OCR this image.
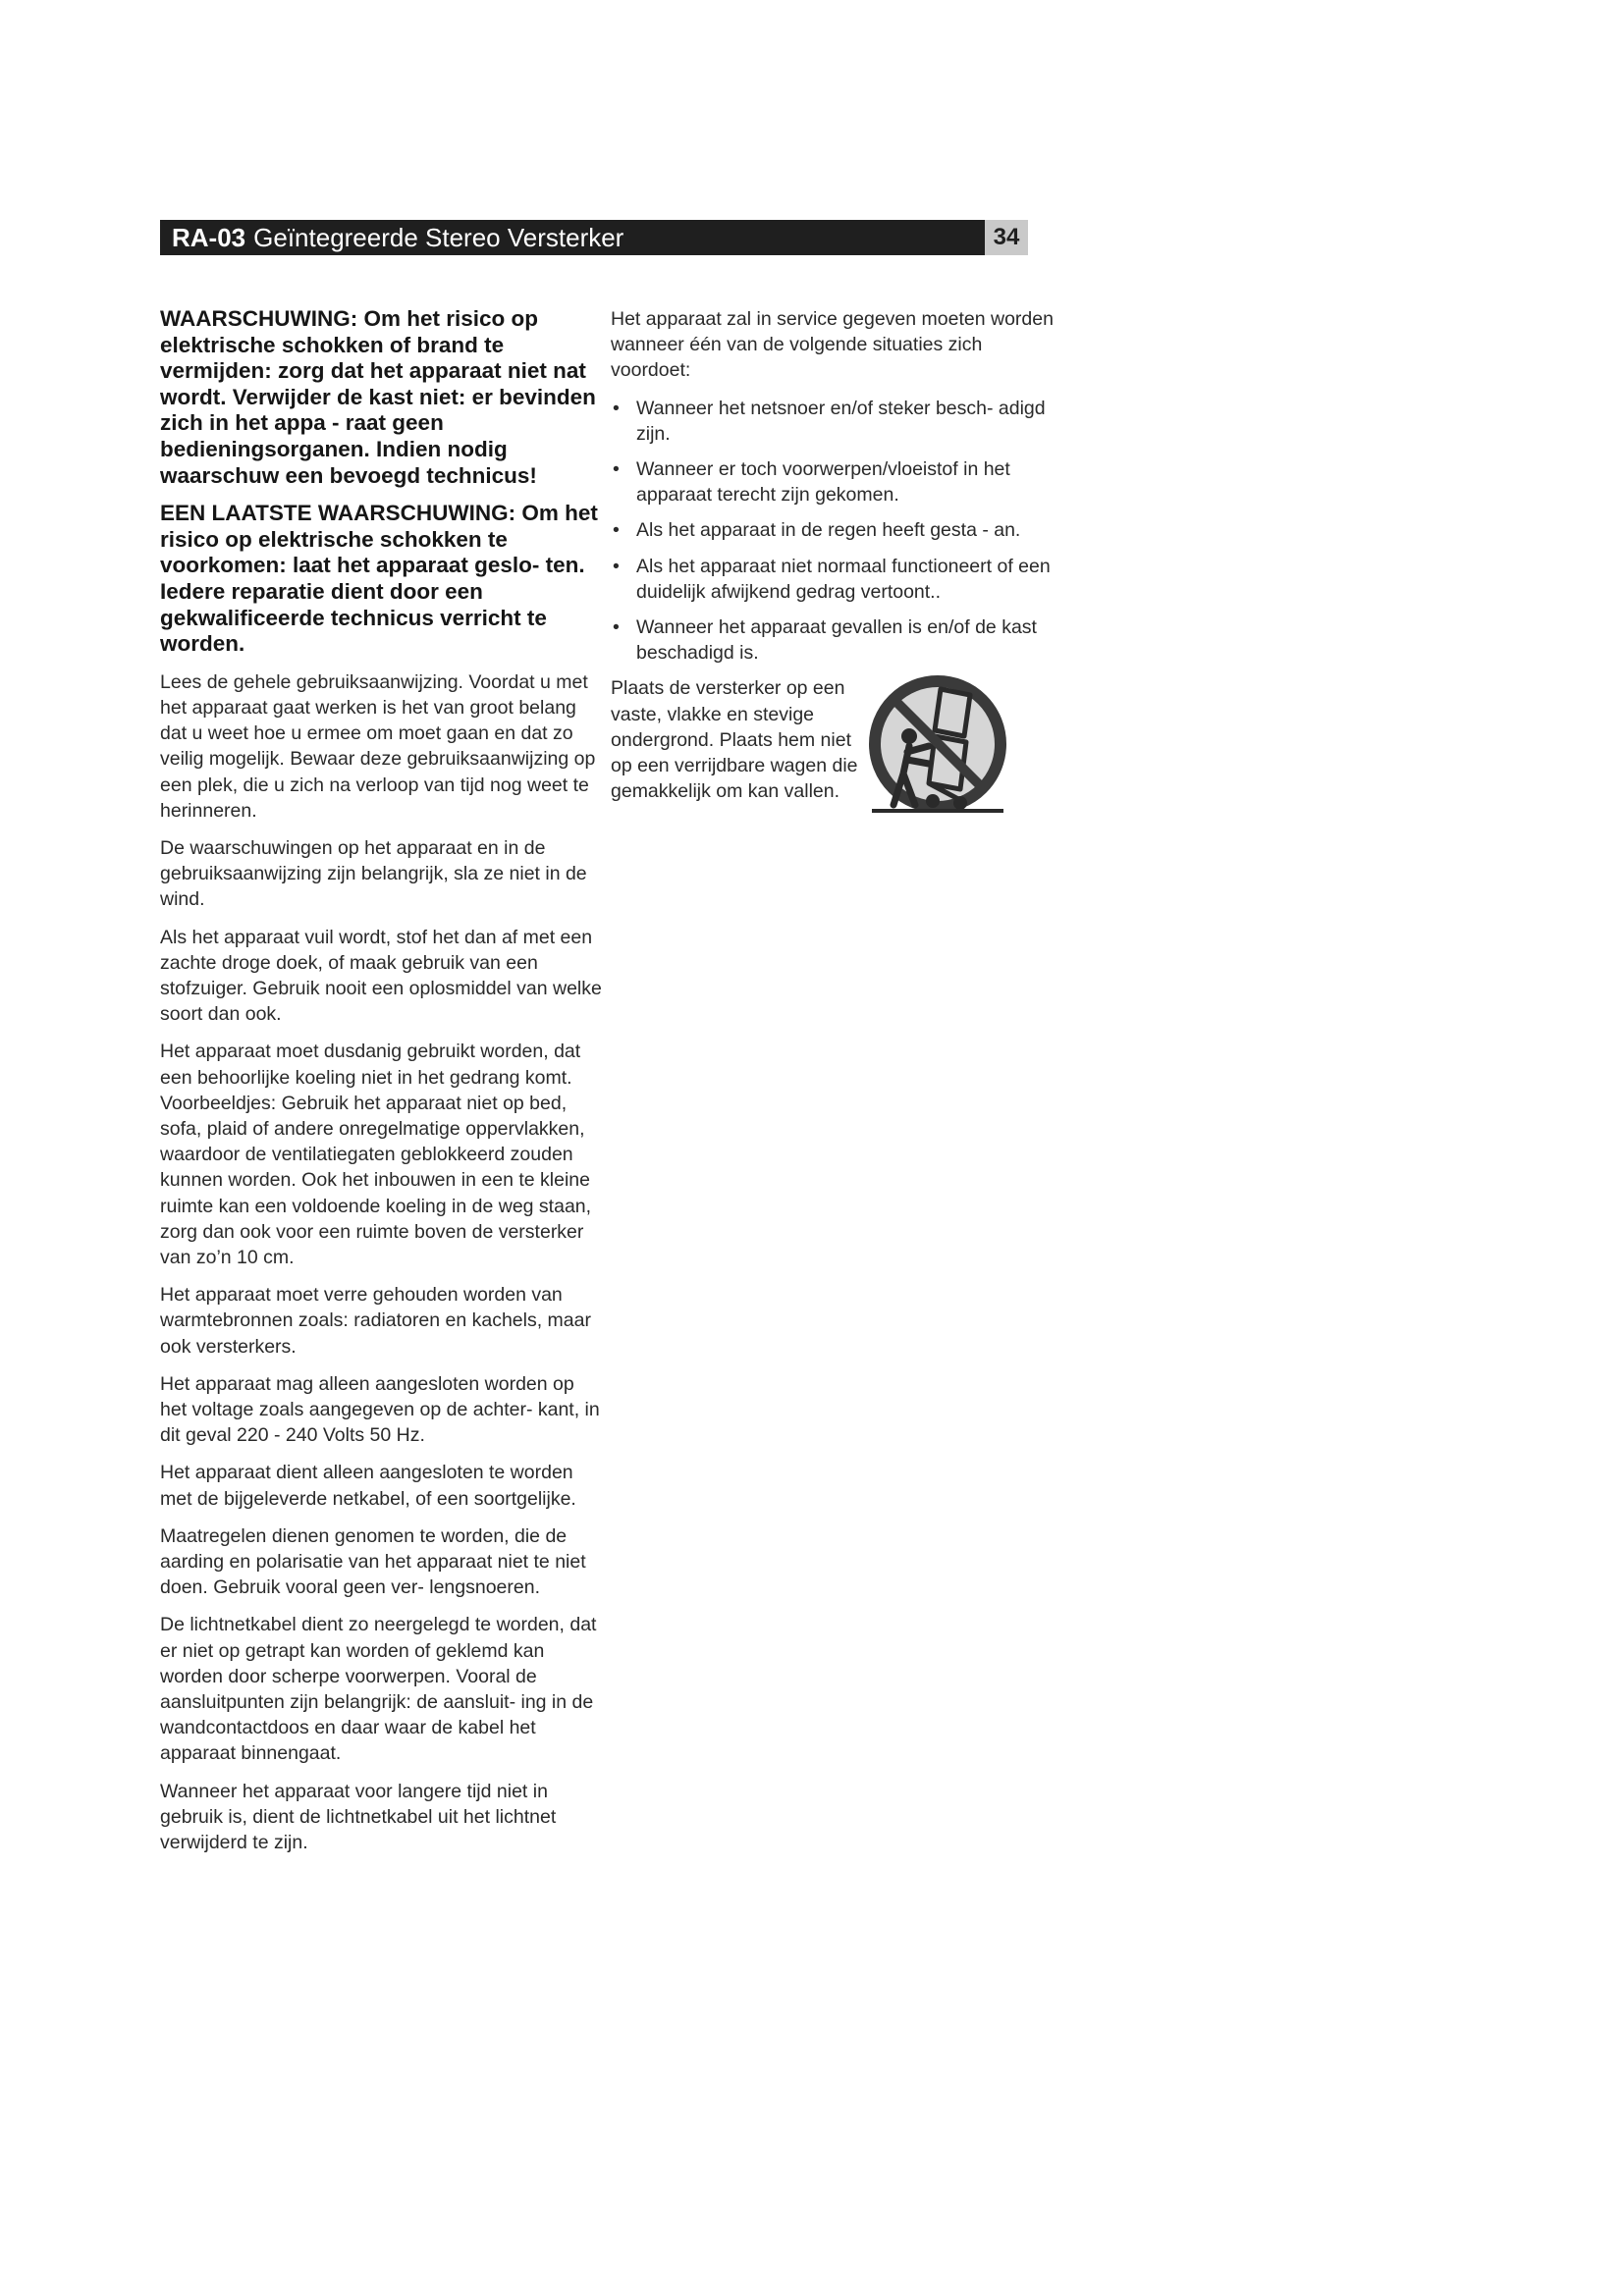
RA-03 Geïntegreerde Stereo Versterker	34

WAARSCHUWING: Om het risico op elektrische schokken of brand te vermijden: zorg dat het apparaat niet nat wordt. Verwijder de kast niet: er bevinden zich in het appa - raat geen bedieningsorganen. Indien nodig waarschuw een bevoegd technicus!

EEN LAATSTE WAARSCHUWING: Om het risico op elektrische schokken te voorkomen: laat het apparaat geslo- ten. Iedere reparatie dient door een gekwalificeerde technicus verricht te worden.

Lees de gehele gebruiksaanwijzing. Voordat u met het apparaat gaat werken is het van groot belang dat u weet hoe u ermee om moet gaan en dat zo veilig mogelijk. Bewaar deze gebruiksaanwijzing op een plek, die u zich na verloop van tijd nog weet te herinneren.

De waarschuwingen op het apparaat en in de gebruiksaanwijzing zijn belangrijk, sla ze niet in de wind.

Als het apparaat vuil wordt, stof het dan af met een zachte droge doek, of maak gebruik van een stofzuiger. Gebruik nooit een oplosmiddel van welke soort dan ook.

Het apparaat moet dusdanig gebruikt worden, dat een behoorlijke koeling niet in het gedrang komt. Voorbeeldjes: Gebruik het apparaat niet op bed, sofa, plaid of andere onregelmatige oppervlakken, waardoor de ventilatiegaten geblokkeerd zouden kunnen worden. Ook het inbouwen in een te kleine ruimte kan een voldoende koeling in de weg staan, zorg dan ook voor een ruimte boven de versterker van zo’n 10 cm.

Het apparaat moet verre gehouden worden van warmtebronnen zoals: radiatoren en kachels, maar ook versterkers.

Het apparaat mag alleen aangesloten worden op het voltage zoals aangegeven op de achter- kant, in dit geval 220 - 240 Volts 50 Hz.

Het apparaat dient alleen aangesloten te worden met de bijgeleverde netkabel, of een soortgelijke.

Maatregelen dienen genomen te worden, die de aarding en polarisatie van het apparaat niet te niet doen. Gebruik vooral geen ver- lengsnoeren.

De lichtnetkabel dient zo neergelegd te worden, dat er niet op getrapt kan worden of geklemd kan worden door scherpe voorwerpen. Vooral de aansluitpunten zijn belangrijk: de aansluit- ing in de wandcontactdoos en daar waar de kabel het apparaat binnengaat.

Wanneer het apparaat voor langere tijd niet in gebruik is, dient de lichtnetkabel uit het lichtnet verwijderd te zijn.

Het apparaat zal in service gegeven moeten worden wanneer één van de volgende situaties zich voordoet:

• Wanneer het netsnoer en/of steker besch- adigd zijn.
• Wanneer er toch voorwerpen/vloeistof in het apparaat terecht zijn gekomen.
• Als het apparaat in de regen heeft gesta - an.
• Als het apparaat niet normaal functioneert of een duidelijk afwijkend gedrag vertoont..
• Wanneer het apparaat gevallen is en/of de kast beschadigd is.
Plaats de versterker op een vaste, vlakke en stevige ondergrond. Plaats hem niet op een verrijdbare wagen die gemakkelijk om kan vallen.
